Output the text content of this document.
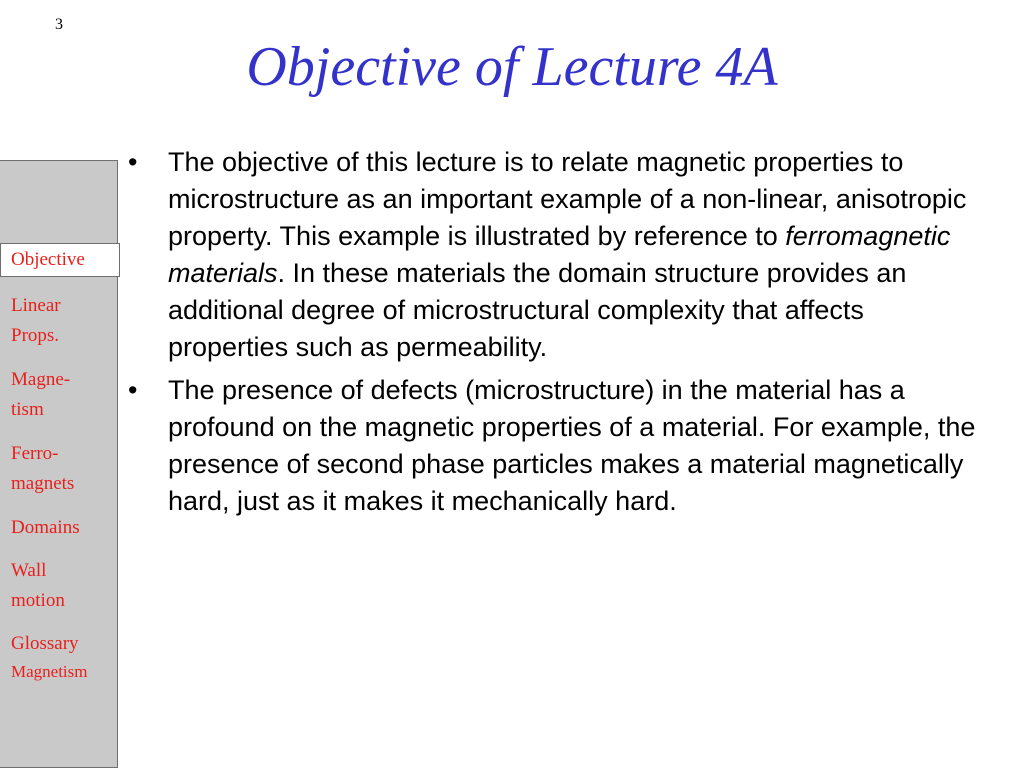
3
Objective of Lecture 4A
Objective
Linear
Props.
Magne-
tism
Ferro-
magnets
Domains
Wall
motion
Glossary
Magnetism
•	The objective of this lecture is to relate magnetic properties to microstructure as an important example of a non-linear, anisotropic property. This example is illustrated by reference to ferromagnetic materials. In these materials the domain structure provides an additional degree of microstructural complexity that affects properties such as permeability.
•	The presence of defects (microstructure) in the material has a profound on the magnetic properties of a material. For example, the presence of second phase particles makes a material magnetically hard, just as it makes it mechanically hard.
